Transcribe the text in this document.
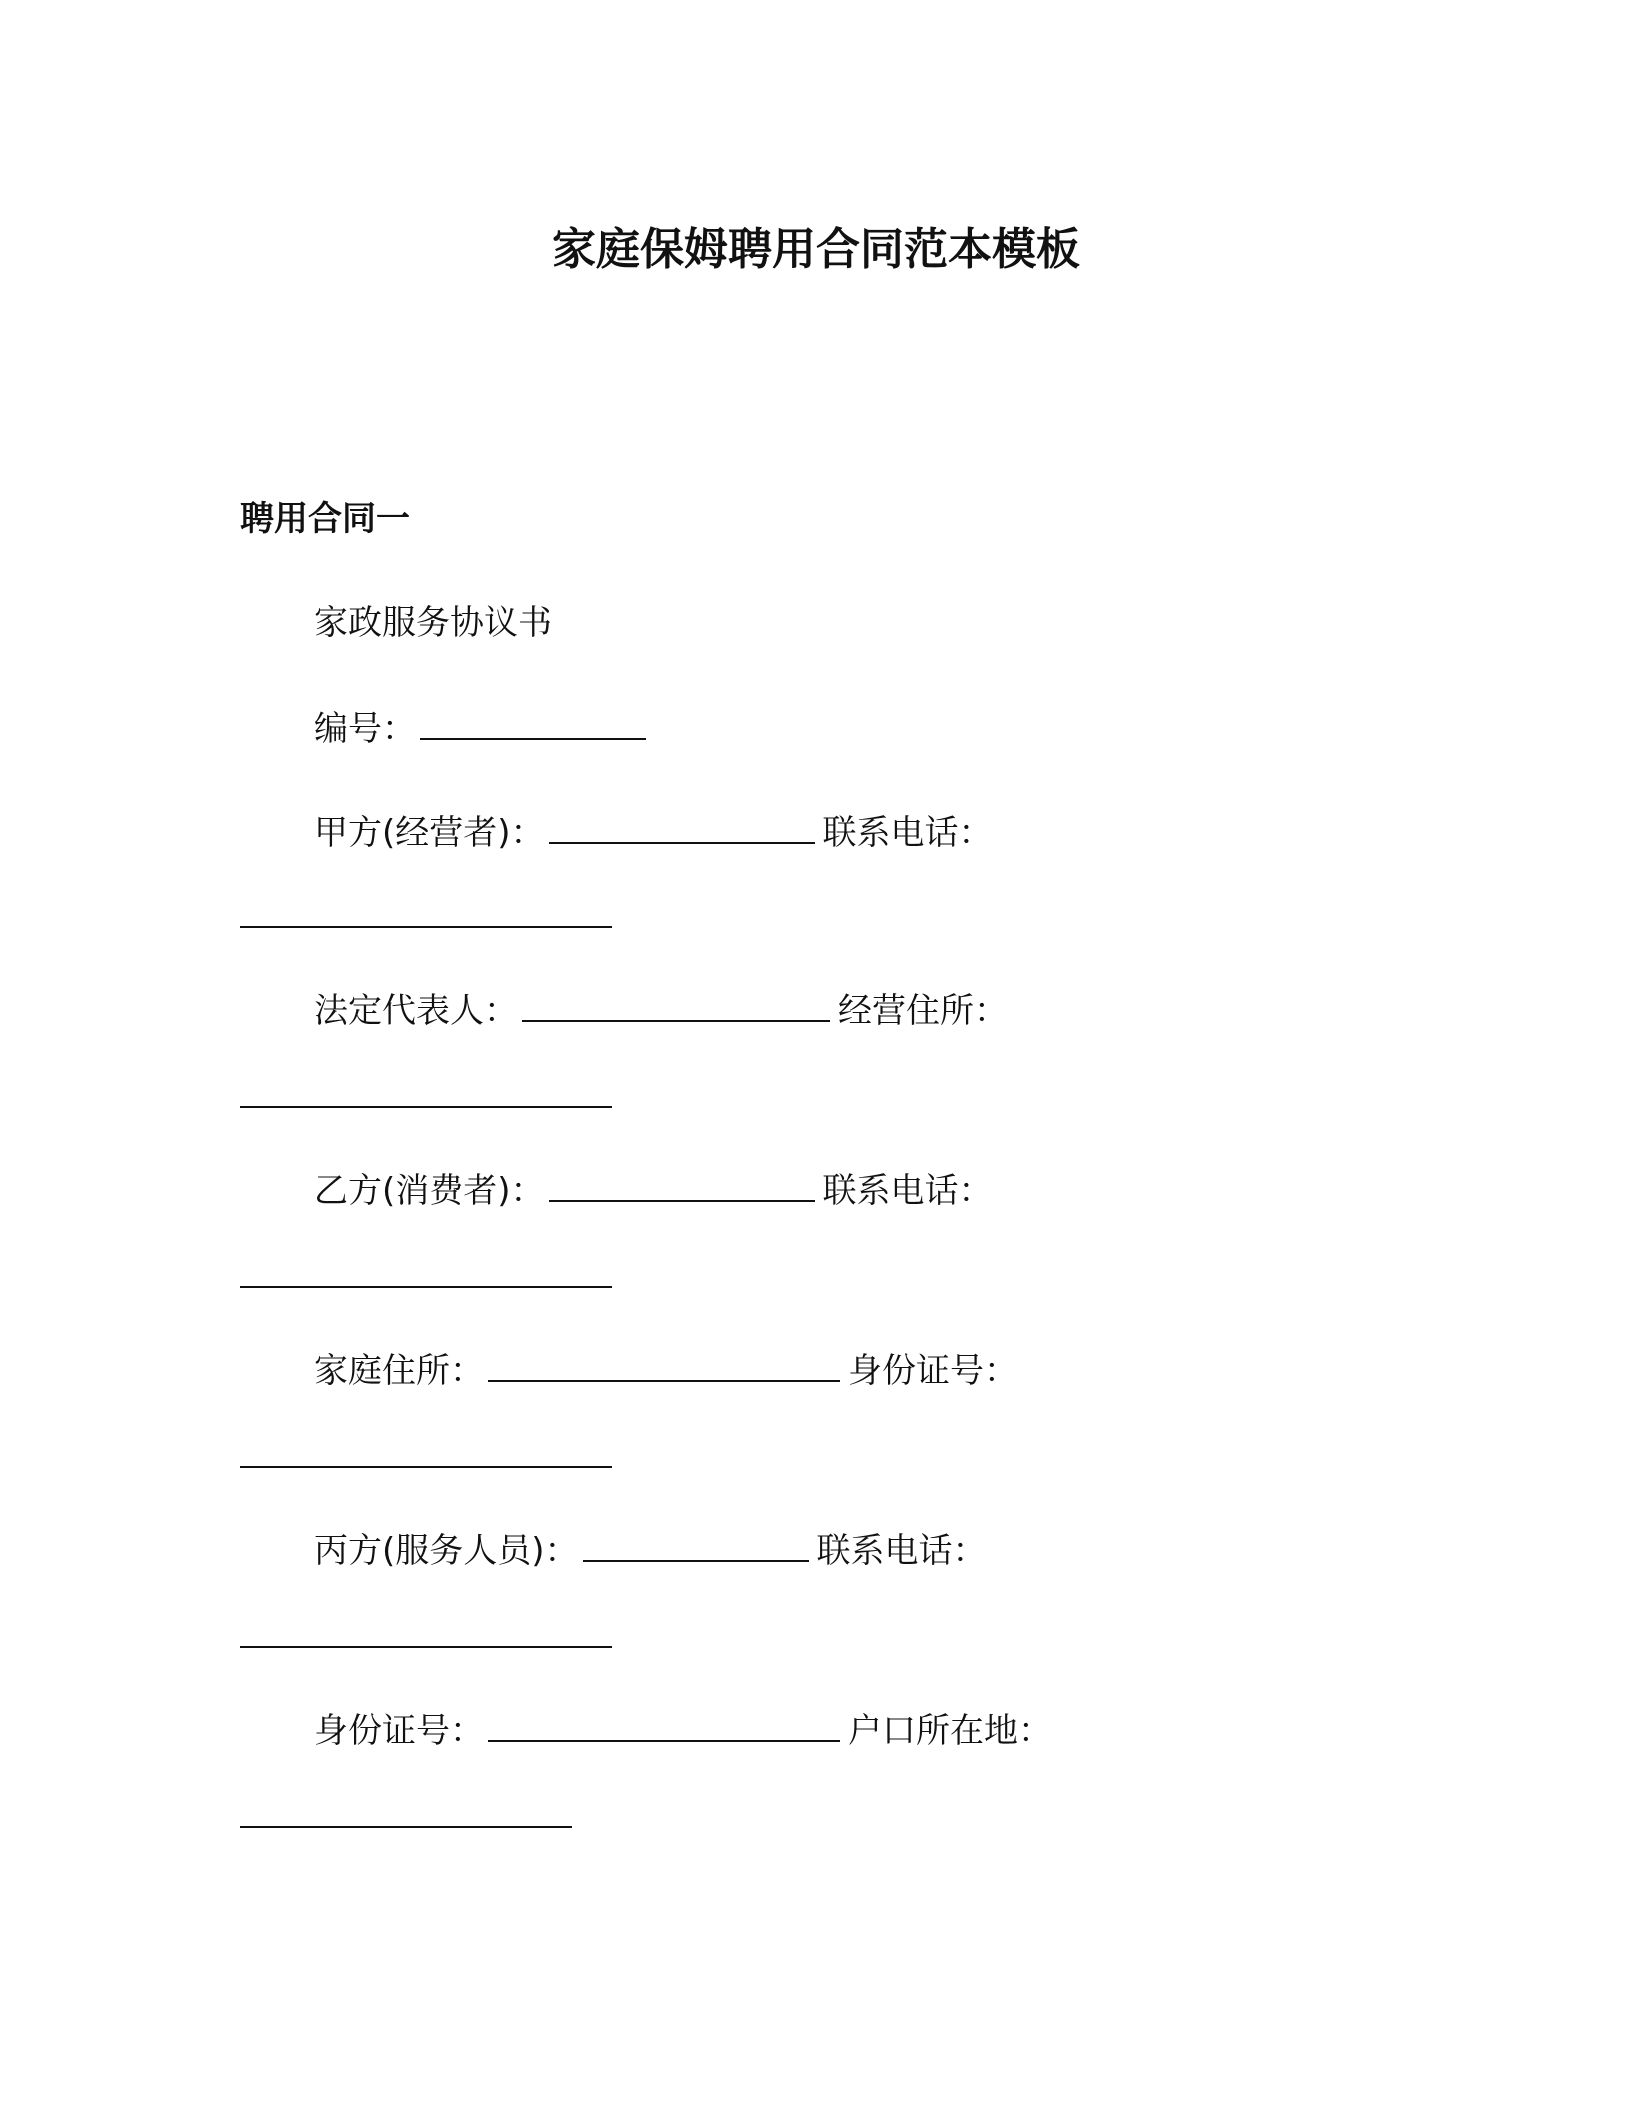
家庭保姆聘用合同范本模板
聘用合同一
家政服务协议书
编号：
甲方(经营者)：	联系电话：
法定代表人：	经营住所：
乙方(消费者)：	联系电话：
家庭住所：	身份证号：
丙方(服务人员)：	联系电话：
身份证号：	户口所在地：
